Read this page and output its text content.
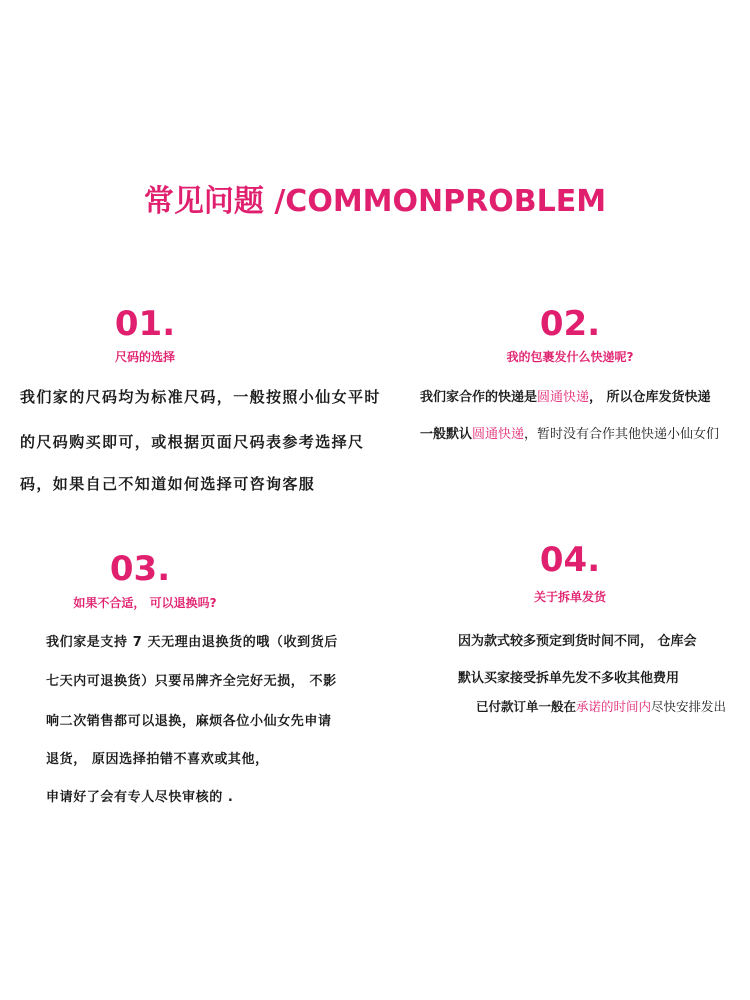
常见问题 /COMMONPROBLEM
01.
尺码的选择
我们家的尺码均为标准尺码，一般按照小仙女平时
的尺码购买即可，或根据页面尺码表参考选择尺
码，如果自己不知道如何选择可咨询客服
02.
我的包裹发什么快递呢?
我们家合作的快递是圆通快递， 所以仓库发货快递
一般默认圆通快递，暂时没有合作其他快递小仙女们
03.
如果不合适， 可以退换吗?
我们家是支持 7 天无理由退换货的哦（收到货后
七天内可退换货）只要吊牌齐全完好无损， 不影
响二次销售都可以退换，麻烦各位小仙女先申请
退货， 原因选择拍错不喜欢或其他，
申请好了会有专人尽快审核的 .
04.
关于拆单发货
因为款式较多预定到货时间不同， 仓库会
默认买家接受拆单先发不多收其他费用
已付款订单一般在承诺的时间内尽快安排发出
